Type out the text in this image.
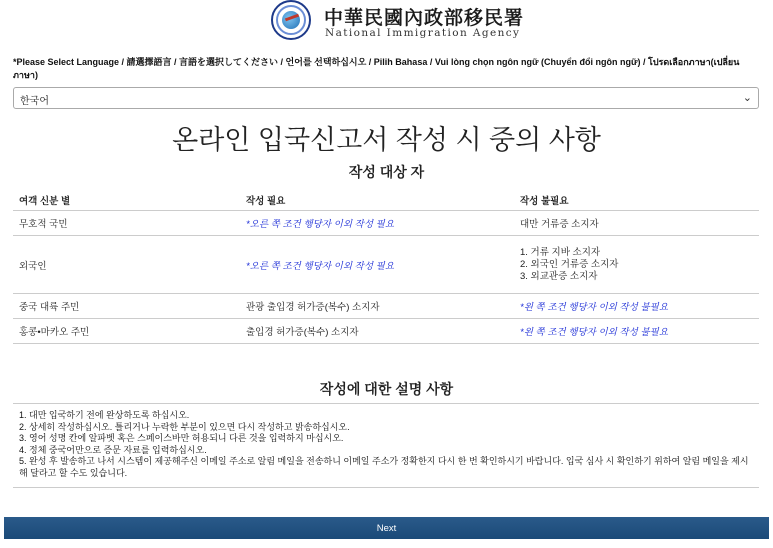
中華民國內政部移民署
National Immigration Agency
*Please Select Language / 請選擇語言 / 言語を選択してください / 언어를 선택하십시오 / Pilih Bahasa / Vui lòng chọn ngôn ngữ (Chuyển đổi ngôn ngữ) / โปรดเลือกภาษา(เปลี่ยนภาษา)
한국어	⌄
온라인 입국신고서 작성 시 중의 사항
작성 대상 자
여객 신분 별	작성 필요	작성 불필요
무호적 국민	*오른 쪽 조건 행당자 이외 작성 필요	대만 거류증 소지자
외국인	*오른 쪽 조건 행당자 이외 작성 필요	1. 거류 지바 소지자
2. 외국인 거류증 소지자
3. 외교관증 소지자

중국 대륙 주민	관광 출입경 허가증(복수) 소지자	*왼 쪽 조건 행당자 이외 작성 불필요
홍콩•마카오 주민	출입경 허가증(복수) 소지자	*왼 쪽 조건 행당자 이외 작성 불필요
작성에 대한 설명 사항

1. 대만 입국하기 전에 완상하도록 하십시오.

2. 상세히 작성하십시오. 틀리거나 누락한 부분이 있으면 다시 작성하고 밝송하십시오.

3. 영어 성명 칸에 알파벳 혹은 스페이스바만 허용되니 다른 것을 입력하지 마십시오.

4. 정체 중국어만으로 증문 자료를 입력하십시오.

5. 완성 후 발송하고 나서 시스템이 제공해주신 이메일 주소로 알림 메일을 전송하니 이메일 주소가 정확한지 다시 한 번 확인하시기 바랍니다. 입국 심사 시 확인하기 위하여 알림 메일을 제시해 달라고 할 수도 있습니다.

Next
